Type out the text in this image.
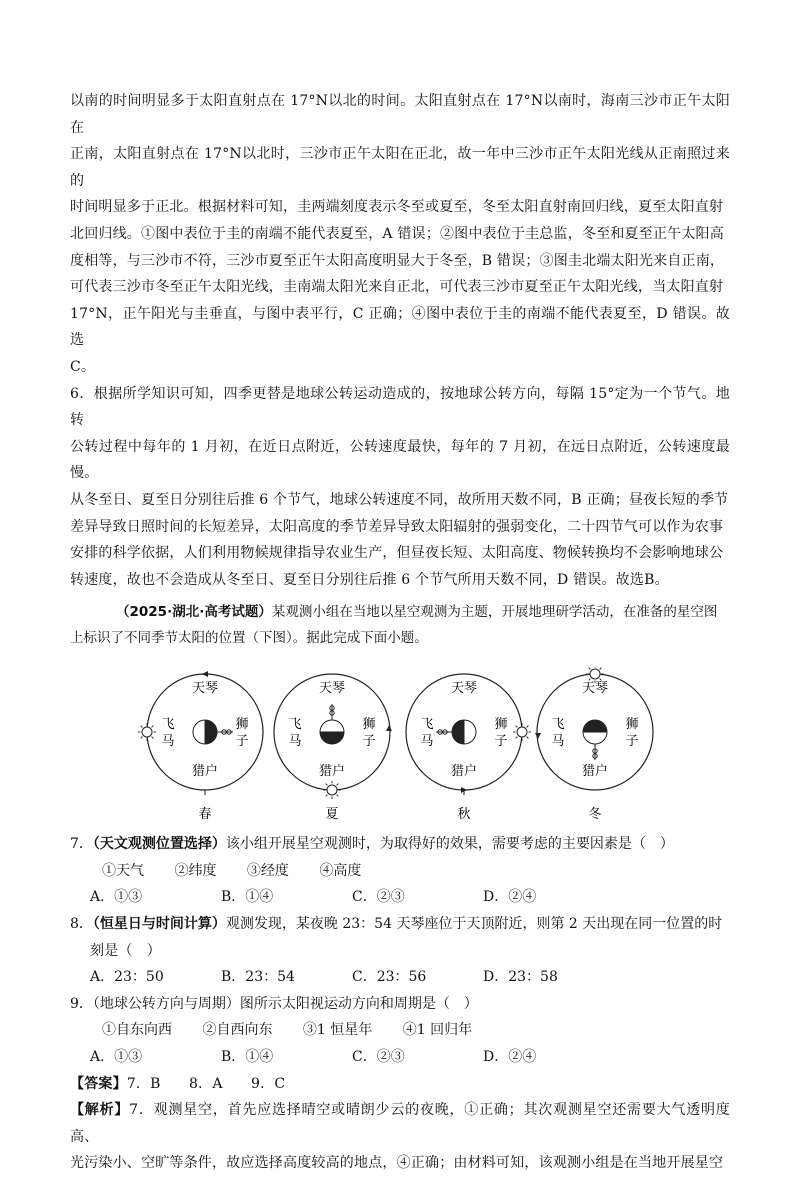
以南的时间明显多于太阳直射点在 17°N以北的时间。太阳直射点在 17°N以南时，海南三沙市正午太阳在

正南，太阳直射点在 17°N以北时，三沙市正午太阳在正北，故一年中三沙市正午太阳光线从正南照过来的

时间明显多于正北。根据材料可知，圭两端刻度表示冬至或夏至，冬至太阳直射南回归线，夏至太阳直射

北回归线。①图中表位于圭的南端不能代表夏至，A 错误；②图中表位于圭总监，冬至和夏至正午太阳高

度相等，与三沙市不符，三沙市夏至正午太阳高度明显大于冬至，B 错误；③图圭北端太阳光来自正南，

可代表三沙市冬至正午太阳光线，圭南端太阳光来自正北，可代表三沙市夏至正午太阳光线，当太阳直射

17°N，正午阳光与圭垂直，与图中表平行，C 正确；④图中表位于圭的南端不能代表夏至，D 错误。故选

C。

6．根据所学知识可知，四季更替是地球公转运动造成的，按地球公转方向，每隔 15°定为一个节气。地转

公转过程中每年的 1 月初，在近日点附近，公转速度最快，每年的 7 月初，在远日点附近，公转速度最慢。

从冬至日、夏至日分别往后推 6 个节气，地球公转速度不同，故所用天数不同，B 正确；昼夜长短的季节

差异导致日照时间的长短差异，太阳高度的季节差异导致太阳辐射的强弱变化，二十四节气可以作为农事

安排的科学依据，人们利用物候规律指导农业生产，但昼夜长短、太阳高度、物候转换均不会影响地球公

转速度，故也不会造成从冬至日、夏至日分别往后推 6 个节气所用天数不同，D 错误。故选B。

（2025·湖北·高考试题）某观测小组在当地以星空观测为主题，开展地理研学活动，在准备的星空图

上标识了不同季节太阳的位置（下图）。据此完成下面小题。

天琴
飞
马
狮
子
猎户
春
天琴
飞
马
狮
子
猎户
夏
天琴
飞
马
狮
子
猎户
秋
天琴
飞
马
狮
子
猎户
冬

7．（天文观测位置选择）该小组开展星空观测时，为取得好的效果，需要考虑的主要因素是（　）

①天气 ②纬度 ③经度 ④高度

A．①③	B．①④	C．②③	D．②④

8．（恒星日与时间计算）观测发现，某夜晚 23：54 天琴座位于天顶附近，则第 2 天出现在同一位置的时

刻是（　）

A．23：50	B．23：54	C．23：56	D．23：58

9．（地球公转方向与周期）图所示太阳视运动方向和周期是（　）

①自东向西 ②自西向东 ③1 恒星年 ④1 回归年

A．①③	B．①④	C．②③	D．②④

【答案】7．B　　8．A　　9．C

【解析】7．观测星空，首先应选择晴空或晴朗少云的夜晚，①正确；其次观测星空还需要大气透明度高、

光污染小、空旷等条件，故应选择高度较高的地点，④正确；由材料可知，该观测小组是在当地开展星空
